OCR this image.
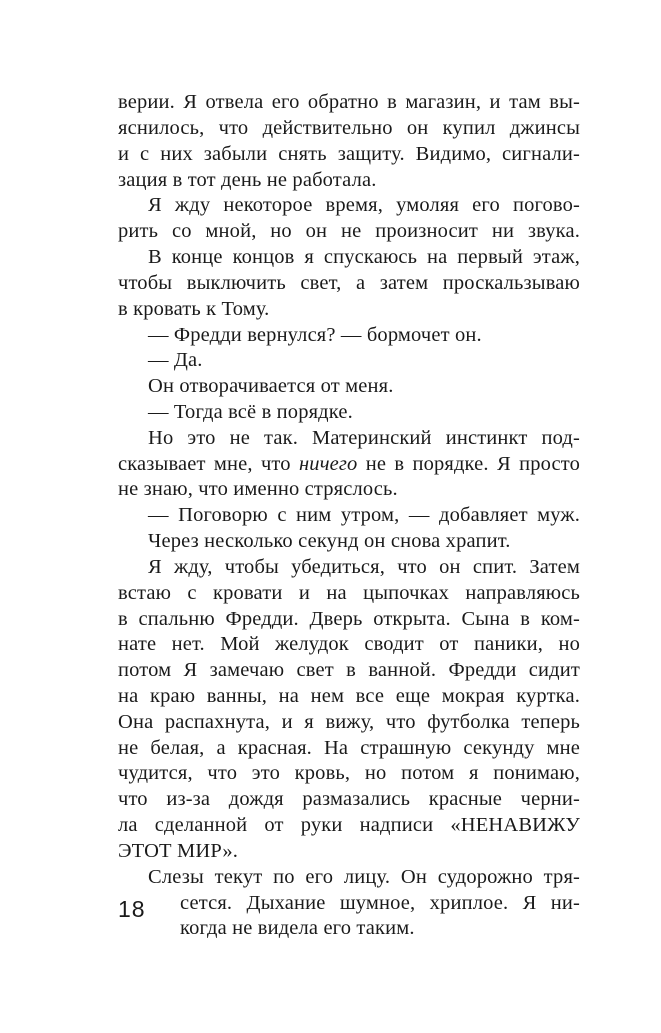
верии. Я отвела его обратно в магазин, и там вы-
яснилось, что действительно он купил джинсы
и с них забыли снять защиту. Видимо, сигнали-
зация в тот день не работала.
Я жду некоторое время, умоляя его погово-
рить со мной, но он не произносит ни звука.
В конце концов я спускаюсь на первый этаж,
чтобы выключить свет, а затем проскальзываю
в кровать к Тому.
— Фредди вернулся? — бормочет он.
— Да.
Он отворачивается от меня.
— Тогда всё в порядке.
Но это не так. Материнский инстинкт под-
сказывает мне, что ничего не в порядке. Я просто
не знаю, что именно стряслось.
— Поговорю с ним утром, — добавляет муж.
Через несколько секунд он снова храпит.
Я жду, чтобы убедиться, что он спит. Затем
встаю с кровати и на цыпочках направляюсь
в спальню Фредди. Дверь открыта. Сына в ком-
нате нет. Мой желудок сводит от паники, но
потом Я замечаю свет в ванной. Фредди сидит
на краю ванны, на нем все еще мокрая куртка.
Она распахнута, и я вижу, что футболка теперь
не белая, а красная. На страшную секунду мне
чудится, что это кровь, но потом я понимаю,
что из-за дождя размазались красные черни-
ла сделанной от руки надписи «НЕНАВИЖУ
ЭТОТ МИР».
Слезы текут по его лицу. Он судорожно тря-
сется. Дыхание шумное, хриплое. Я ни-
когда не видела его таким.
18
